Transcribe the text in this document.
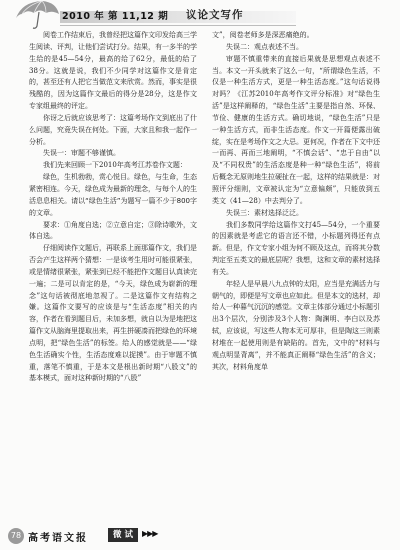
2010 年 第 11,12 期 议论文写作

阅卷工作结束后，我曾经把这篇作文印发给高三学生阅读、评判，让他们尝试打分。结果，有一多半的学生给的是45—54分，最高的给了62分，最低的给了38分。这就是说，我们不少同学对这篇作文是肯定的，甚至还有人把它当做范文来欣赏。然而，事实是很残酷的，因为这篇作文最后的得分是28分，这是作文专家组最终的评定。

你讶之后就应该思考了：这篇考场作文到底出了什么问题，究竟失误在何处。下面，大家且和我一起作一分析。

失误一：审题不够谨慎。

我们先来回顾一下2010年高考江苏卷作文题：

绿色，生机勃勃，赏心悦目。绿色，与生命，生态紧密相连。今天，绿色成为最新的理念，与每个人的生活息息相关。请以“绿色生活”为题写一篇不少于800字的文章。

要求：①角度自选；②立意自定；③除诗歌外，文体自选。

仔细阅读作文题后，再联系上面那篇作文，我们是否会产生这样两个猜想：一是该考生用时可能很紧张，或是情绪很紧张，紧张到已经不能把作文题目认真读完一遍；二是可以肯定的是，“今天，绿色成为崭新的理念”这句话被彻底地忽视了。二是这篇作文有结构之嫌。这篇作文要写的应该是与“生活态度”相关的内容，作者在看到题目后，未加多想，就自以为是地把这篇作文从脑海里提取出来，再生拼硬凑而把绿色的环境点明，把“绿色生活”的标签。给人的感觉就是——“绿色生活确实个性，生活态度难以捉摸”。由于审题不慎重，落笔不慎重，于是本文是根出新时期“八股文”的基本模式，面对这种新时期的“八股”

文”，阅卷老师多是深恶痛绝的。

失误二：观点表述不当。

审题不慎重带来的直接后果就是思想观点表述不当。本文一开头就来了这么一句，“所谓绿色生活，不仅是一种生活方式，更是一种生活态度。”这句话说得对吗？《江苏2010年高考作文评分标准》对“绿色生活”是这样阐释的，“绿色生活”主要是指自然、环保、节俭、健康的生活方式。确切地说，“绿色生活”只是一种生活方式，而非生活态度。作文一开篇便露出破绽，实在是考场作文之大忌。更何况，作者在下文中还一而再、再而三地阐明，“不慎会话”、“忠于自由”以及“不同权贵”的生活态度是种一种“绿色生活”，将前后概念无原则地生拉硬扯在一起，这样的结果就是：对照评分细则，文章被认定为“立意偏颇”，只能放到五类文（41—28）中去判分了。

失误三：素材选择泛泛。

我们多数同学给这篇作文打45—54分，一个重要的因素就是考虑它的语言还不错，小标题列得还有点新。但是，作文专家小组为何不顾及这点，而将其分数判定至五类文的最底层呢？我想，这和文章的素材选择有关。

年轻人是早晨八九点钟的太阳，应当是充满活力与朝气的，即便是写文章也应如此。但是本文的选材，却给人一种暮气沉沉的感觉。文章主体部分通过小标题引出3个层次，分别涉及3个人物：陶渊明、李白以及苏轼，应该说，写这些人物本无可厚非，但是陶这三则素材堆在一起使用则是有缺陷的。首先，文中的“材料与观点明显背离”，并不能真正阐释“绿色生活”的含义；其次，材料角度单

78 高考语文报	微 试	▶▶▶
